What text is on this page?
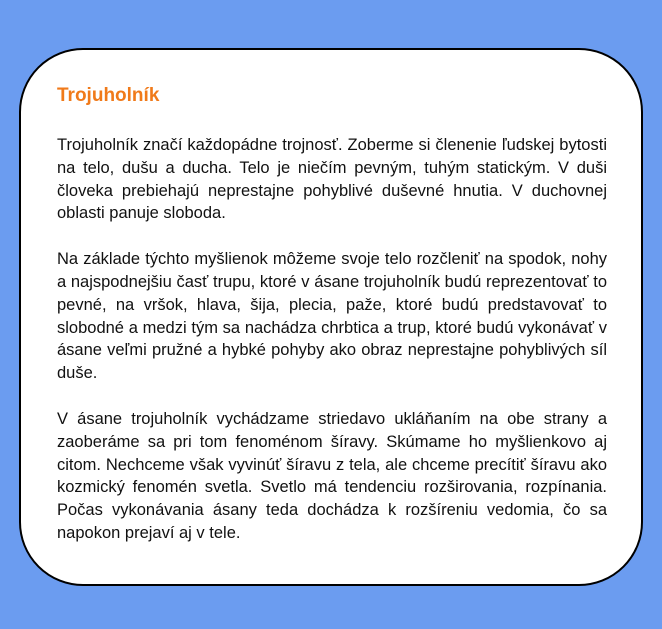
Trojuholník

Trojuholník značí každopádne trojnosť. Zoberme si členenie ľudskej bytosti na telo, dušu a ducha. Telo je niečím pevným, tuhým statickým. V duši človeka prebiehajú neprestajne pohyblivé duševné hnutia. V duchovnej oblasti panuje sloboda.

Na základe týchto myšlienok môžeme svoje telo rozčleniť na spodok, nohy a najspodnejšiu časť trupu, ktoré v ásane trojuholník budú reprezentovať to pevné, na vršok, hlava, šija, plecia, paže, ktoré budú predstavovať to slobodné a medzi tým sa nachádza chrbtica a trup, ktoré budú vykonávať v ásane veľmi pružné a hybké pohyby ako obraz neprestajne pohyblivých síl duše.

V ásane trojuholník vychádzame striedavo ukláňaním na obe strany a zaoberáme sa pri tom fenoménom šíravy. Skúmame ho myšlienkovo aj citom. Nechceme však vyvinúť šíravu z tela, ale chceme precítiť šíravu ako kozmický fenomén svetla. Svetlo má tendenciu rozširovania, rozpínania. Počas vykonávania ásany teda dochádza k rozšíreniu vedomia, čo sa napokon prejaví aj v tele.
